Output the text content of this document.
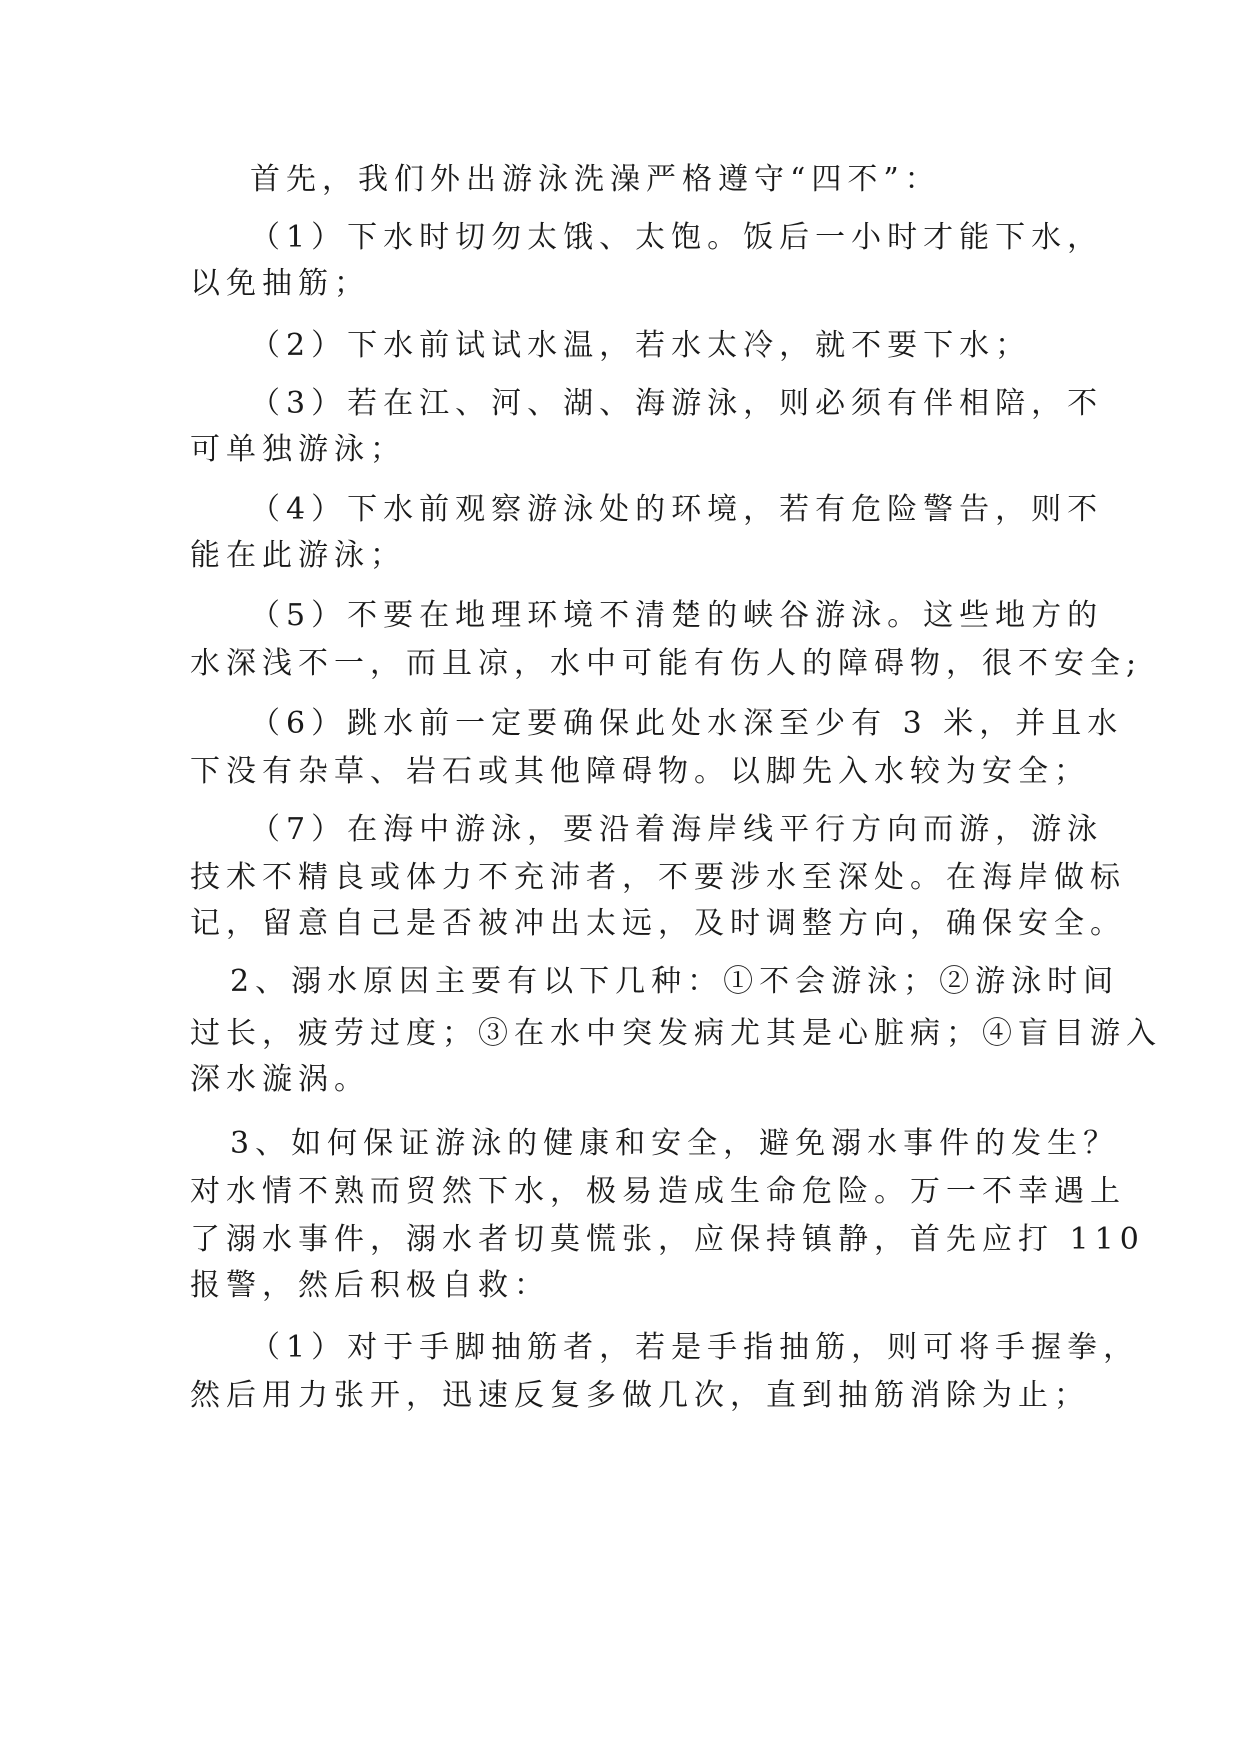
首先，我们外出游泳洗澡严格遵守“四不”：
（1）下水时切勿太饿、太饱。饭后一小时才能下水，
以免抽筋；
（2）下水前试试水温，若水太冷，就不要下水；
（3）若在江、河、湖、海游泳，则必须有伴相陪，不
可单独游泳；
（4）下水前观察游泳处的环境，若有危险警告，则不
能在此游泳；
（5）不要在地理环境不清楚的峡谷游泳。这些地方的
水深浅不一，而且凉，水中可能有伤人的障碍物，很不安全;
（6）跳水前一定要确保此处水深至少有 3 米，并且水
下没有杂草、岩石或其他障碍物。以脚先入水较为安全；
（7）在海中游泳，要沿着海岸线平行方向而游，游泳
技术不精良或体力不充沛者，不要涉水至深处。在海岸做标
记，留意自己是否被冲出太远，及时调整方向，确保安全。
2、溺水原因主要有以下几种：①不会游泳；②游泳时间
过长，疲劳过度；③在水中突发病尤其是心脏病；④盲目游入
深水漩涡。
3、如何保证游泳的健康和安全，避免溺水事件的发生？
对水情不熟而贸然下水，极易造成生命危险。万一不幸遇上
了溺水事件，溺水者切莫慌张，应保持镇静，首先应打 110
报警，然后积极自救：
（1）对于手脚抽筋者，若是手指抽筋，则可将手握拳，
然后用力张开，迅速反复多做几次，直到抽筋消除为止；
